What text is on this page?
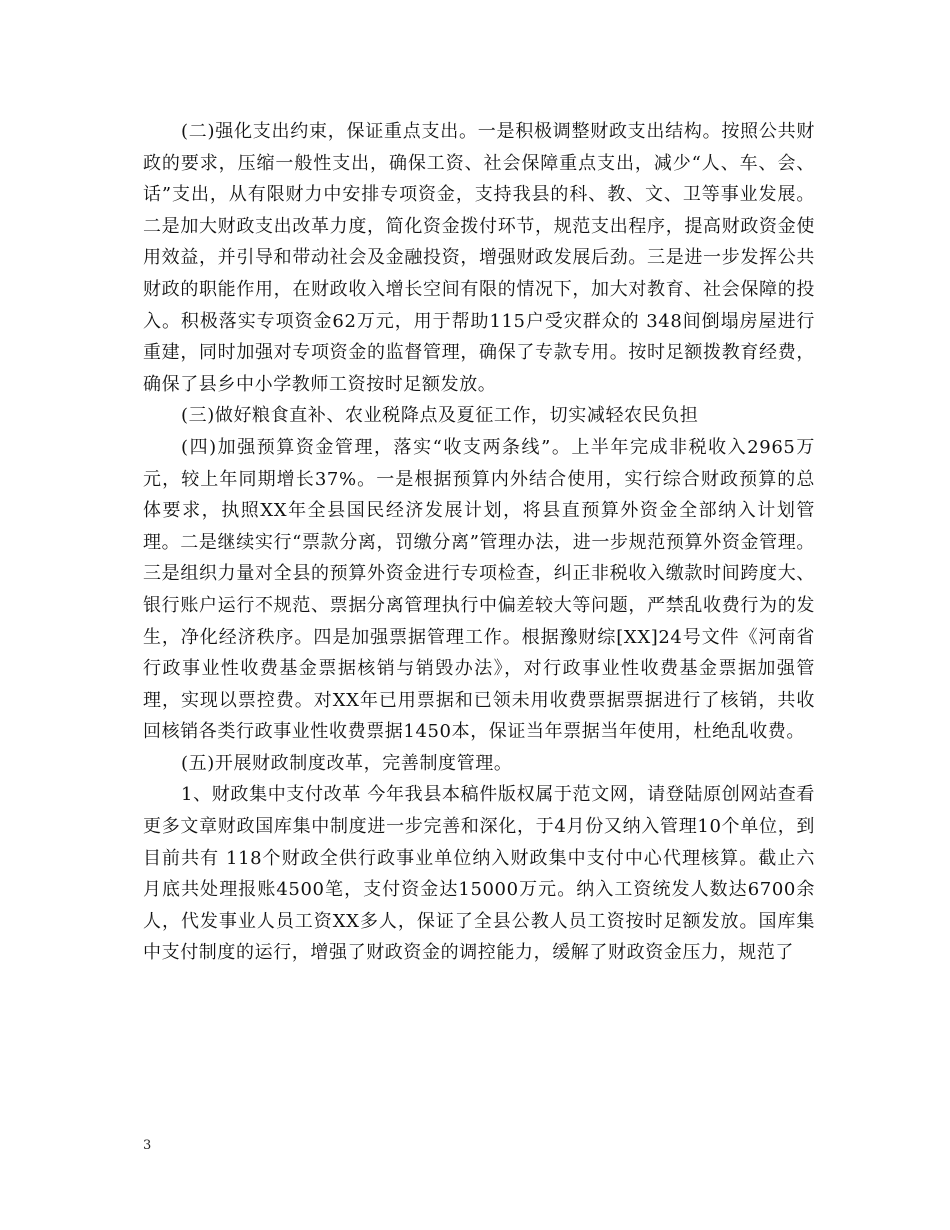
(二)强化支出约束，保证重点支出。一是积极调整财政支出结构。按照公共财政的要求，压缩一般性支出，确保工资、社会保障重点支出，减少“人、车、会、话”支出，从有限财力中安排专项资金，支持我县的科、教、文、卫等事业发展。二是加大财政支出改革力度，简化资金拨付环节，规范支出程序，提高财政资金使用效益，并引导和带动社会及金融投资，增强财政发展后劲。三是进一步发挥公共财政的职能作用，在财政收入增长空间有限的情况下，加大对教育、社会保障的投入。积极落实专项资金62万元，用于帮助115户受灾群众的 348间倒塌房屋进行重建，同时加强对专项资金的监督管理，确保了专款专用。按时足额拨教育经费，确保了县乡中小学教师工资按时足额发放。

(三)做好粮食直补、农业税降点及夏征工作，切实减轻农民负担

(四)加强预算资金管理，落实“收支两条线”。上半年完成非税收入2965万元，较上年同期增长37%。一是根据预算内外结合使用，实行综合财政预算的总体要求，执照XX年全县国民经济发展计划，将县直预算外资金全部纳入计划管理。二是继续实行“票款分离，罚缴分离”管理办法，进一步规范预算外资金管理。三是组织力量对全县的预算外资金进行专项检查，纠正非税收入缴款时间跨度大、银行账户运行不规范、票据分离管理执行中偏差较大等问题，严禁乱收费行为的发生，净化经济秩序。四是加强票据管理工作。根据豫财综[XX]24号文件《河南省行政事业性收费基金票据核销与销毁办法》，对行政事业性收费基金票据加强管理，实现以票控费。对XX年已用票据和已领未用收费票据票据进行了核销，共收回核销各类行政事业性收费票据1450本，保证当年票据当年使用，杜绝乱收费。

(五)开展财政制度改革，完善制度管理。

1、财政集中支付改革 今年我县本稿件版权属于范文网，请登陆原创网站查看更多文章财政国库集中制度进一步完善和深化，于4月份又纳入管理10个单位，到目前共有 118个财政全供行政事业单位纳入财政集中支付中心代理核算。截止六月底共处理报账4500笔，支付资金达15000万元。纳入工资统发人数达6700余人，代发事业人员工资XX多人，保证了全县公教人员工资按时足额发放。国库集中支付制度的运行，增强了财政资金的调控能力，缓解了财政资金压力，规范了

3
